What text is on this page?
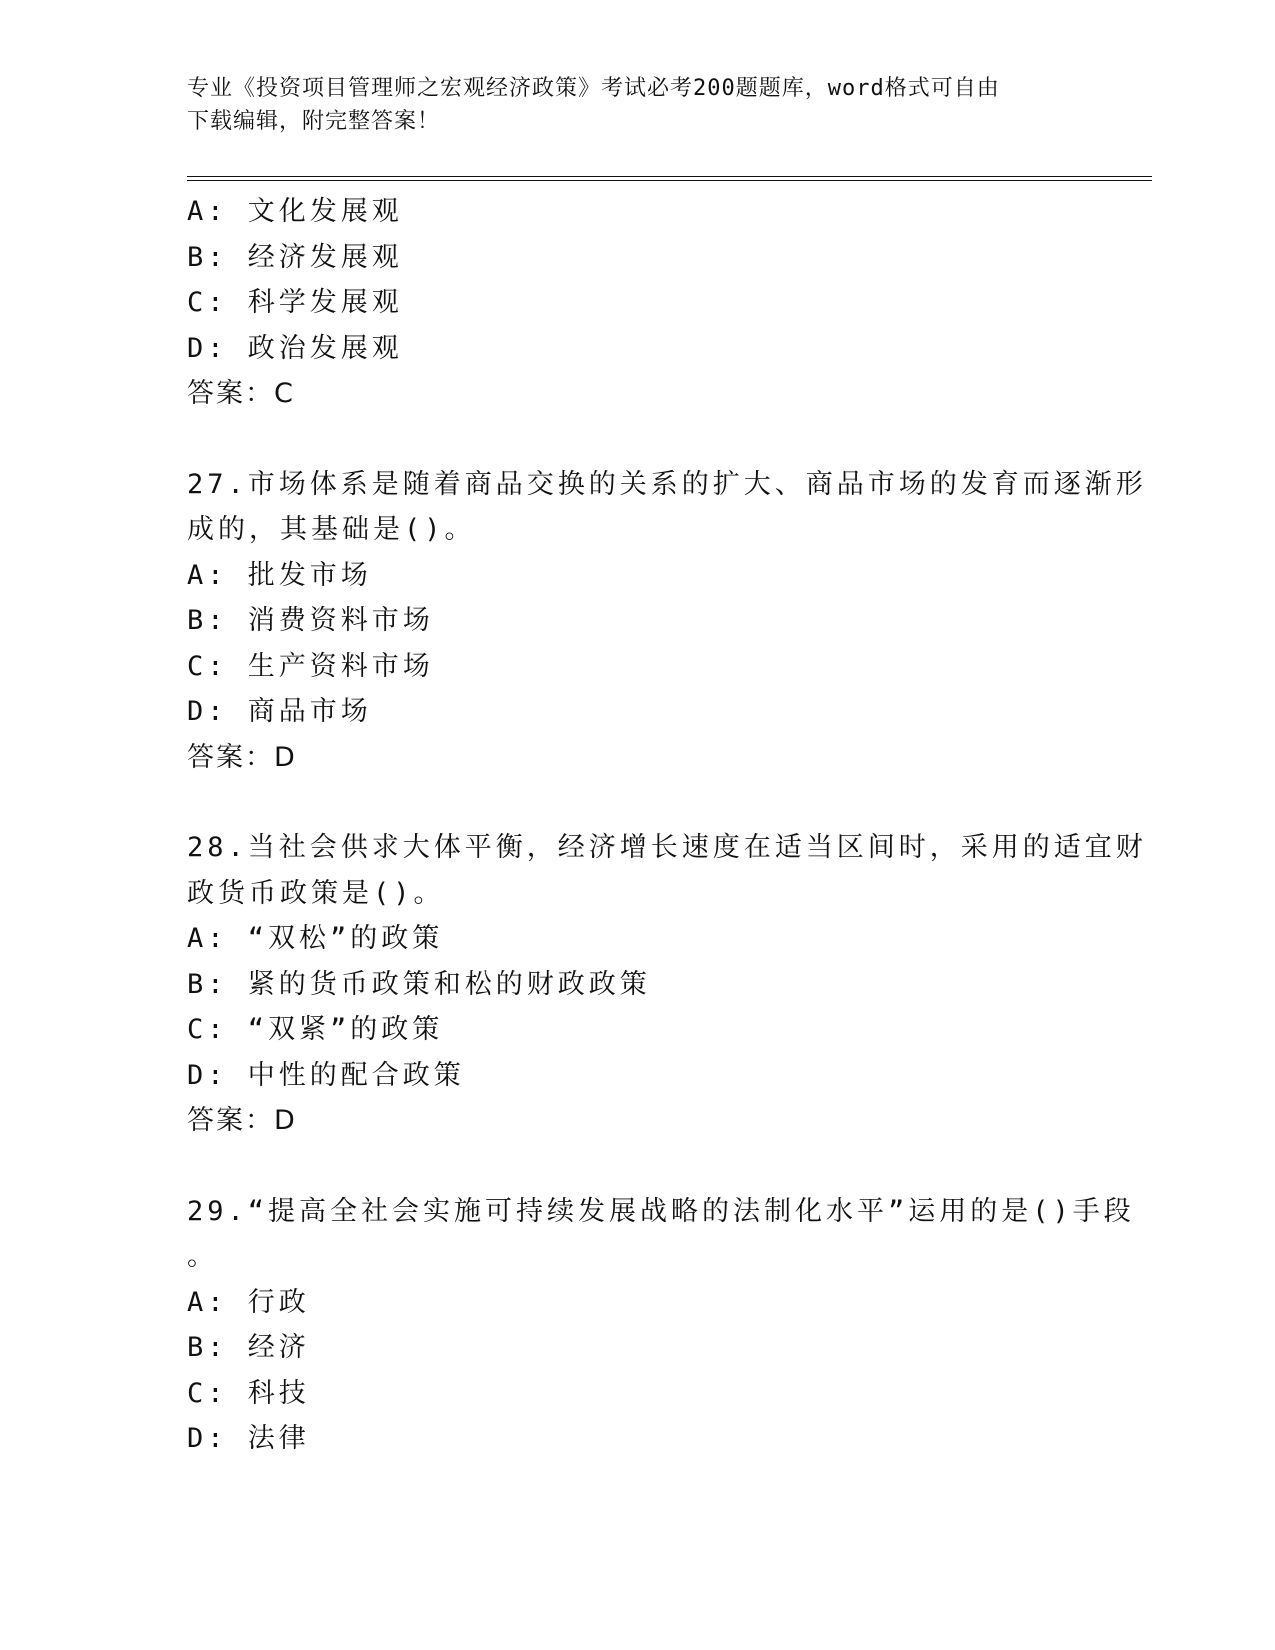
专业《投资项目管理师之宏观经济政策》考试必考200题题库，word格式可自由
下载编辑，附完整答案！
A: 文化发展观
B: 经济发展观
C: 科学发展观
D: 政治发展观
答案：C
27.市场体系是随着商品交换的关系的扩大、商品市场的发育而逐渐形
成的，其基础是()。
A: 批发市场
B: 消费资料市场
C: 生产资料市场
D: 商品市场
答案：D
28.当社会供求大体平衡，经济增长速度在适当区间时，采用的适宜财
政货币政策是()。
A: “双松”的政策
B: 紧的货币政策和松的财政政策
C: “双紧”的政策
D: 中性的配合政策
答案：D
29.“提高全社会实施可持续发展战略的法制化水平”运用的是()手段
。
A: 行政
B: 经济
C: 科技
D: 法律
